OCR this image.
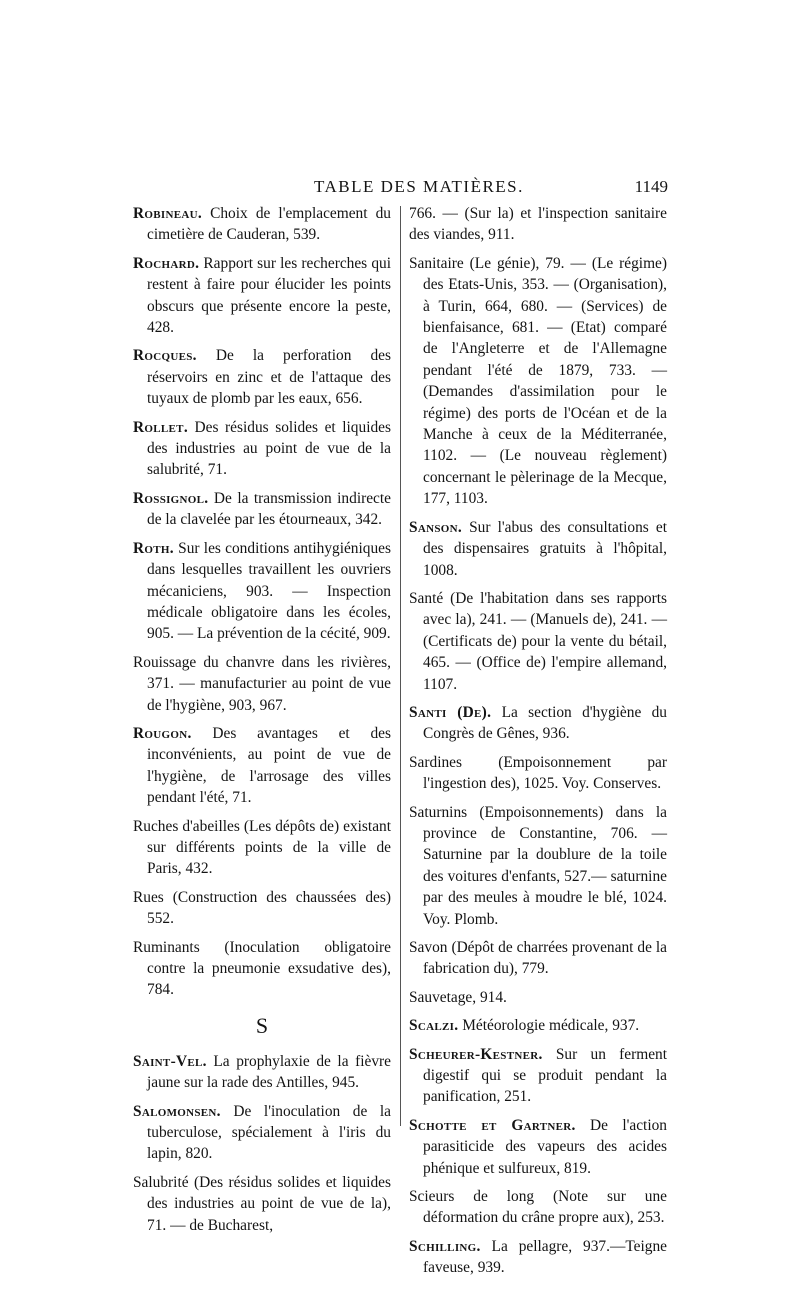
TABLE DES MATIÈRES.	1149

Robineau. Choix de l'emplacement du cimetière de Cauderan, 539.

Rochard. Rapport sur les recherches qui restent à faire pour élucider les points obscurs que présente encore la peste, 428.

Rocques. De la perforation des réservoirs en zinc et de l'attaque des tuyaux de plomb par les eaux, 656.

Rollet. Des résidus solides et liquides des industries au point de vue de la salubrité, 71.

Rossignol. De la transmission indirecte de la clavelée par les étourneaux, 342.

Roth. Sur les conditions antihygiéniques dans lesquelles travaillent les ouvriers mécaniciens, 903. — Inspection médicale obligatoire dans les écoles, 905. — La prévention de la cécité, 909.

Rouissage du chanvre dans les rivières, 371. — manufacturier au point de vue de l'hygiène, 903, 967.

Rougon. Des avantages et des inconvénients, au point de vue de l'hygiène, de l'arrosage des villes pendant l'été, 71.

Ruches d'abeilles (Les dépôts de) existant sur différents points de la ville de Paris, 432.

Rues (Construction des chaussées des) 552.

Ruminants (Inoculation obligatoire contre la pneumonie exsudative des), 784.

S

Saint-Vel. La prophylaxie de la fièvre jaune sur la rade des Antilles, 945.

Salomonsen. De l'inoculation de la tuberculose, spécialement à l'iris du lapin, 820.

Salubrité (Des résidus solides et liquides des industries au point de vue de la), 71. — de Bucharest,

766. — (Sur la) et l'inspection sanitaire des viandes, 911.

Sanitaire (Le génie), 79. — (Le régime) des Etats-Unis, 353. — (Organisation), à Turin, 664, 680. — (Services) de bienfaisance, 681. — (Etat) comparé de l'Angleterre et de l'Allemagne pendant l'été de 1879, 733. — (Demandes d'assimilation pour le régime) des ports de l'Océan et de la Manche à ceux de la Méditerranée, 1102. — (Le nouveau règlement) concernant le pèlerinage de la Mecque, 177, 1103.

Sanson. Sur l'abus des consultations et des dispensaires gratuits à l'hôpital, 1008.

Santé (De l'habitation dans ses rapports avec la), 241. — (Manuels de), 241. — (Certificats de) pour la vente du bétail, 465. — (Office de) l'empire allemand, 1107.

Santi (De). La section d'hygiène du Congrès de Gênes, 936.

Sardines (Empoisonnement par l'ingestion des), 1025. Voy. Conserves.

Saturnins (Empoisonnements) dans la province de Constantine, 706. — Saturnine par la doublure de la toile des voitures d'enfants, 527.— saturnine par des meules à moudre le blé, 1024. Voy. Plomb.

Savon (Dépôt de charrées provenant de la fabrication du), 779.

Sauvetage, 914.

Scalzi. Météorologie médicale, 937.

Scheurer-Kestner. Sur un ferment digestif qui se produit pendant la panification, 251.

Schotte et Gartner. De l'action parasiticide des vapeurs des acides phénique et sulfureux, 819.

Scieurs de long (Note sur une déformation du crâne propre aux), 253.

Schilling. La pellagre, 937.—Teigne faveuse, 939.
